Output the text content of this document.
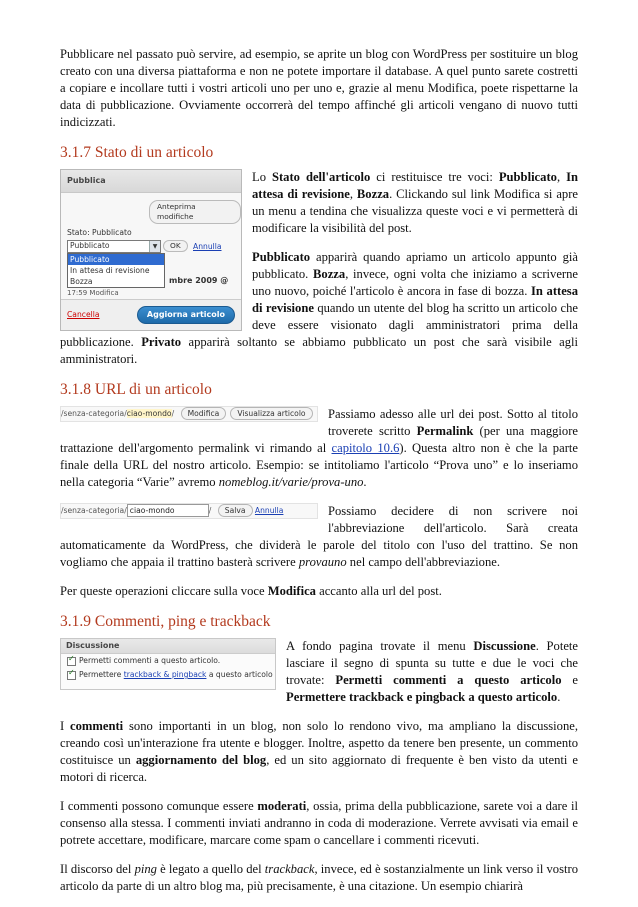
Pubblicare nel passato può servire, ad esempio, se aprite un blog con WordPress per sostituire un blog creato con una diversa piattaforma e non ne potete importare il database. A quel punto sarete costretti a copiare e incollare tutti i vostri articoli uno per uno e, grazie al menu Modifica, poete rispettarne la data di pubblicazione. Ovviamente occorrerà del tempo affinché gli articoli vengano di nuovo tutti indicizzati.

3.1.7 Stato di un articolo
Pubblica
Anteprima modifiche
Stato: Pubblicato
Pubblicato	▼
Pubblicato
In attesa di revisione
Bozza
OK	Annulla
mbre 2009 @
17:59 Modifica
Cancella	Aggiorna articolo

Lo Stato dell'articolo ci restituisce tre voci: Pubblicato, In attesa di revisione, Bozza. Clickando sul link Modifica si apre un menu a tendina che visualizza queste voci e vi permetterà di modificare la visibilità del post.

Pubblicato apparirà quando apriamo un articolo appunto già pubblicato. Bozza, invece, ogni volta che iniziamo a scriverne uno nuovo, poiché l'articolo è ancora in fase di bozza. In attesa di revisione quando un utente del blog ha scritto un articolo che deve essere visionato dagli amministratori prima della pubblicazione. Privato apparirà soltanto se abbiamo pubblicato un post che sarà visibile agli amministratori.

3.1.8 URL di un articolo
/senza-categoria/ciao-mondo/ Modifica Visualizza articolo	Passiamo adesso alle url dei post. Sotto al titolo troverete scritto Permalink (per una maggiore trattazione dell'argomento permalink vi rimando al capitolo 10.6). Questa altro non è che la parte finale della URL del nostro articolo. Esempio: se intitoliamo l'articolo “Prova uno” e lo inseriamo nella categoria “Varie” avremo nomeblog.it/varie/prova-uno.

/senza-categoria/ ciao-mondo	/ Salva Annulla	Possiamo decidere di non scrivere noi l'abbreviazione dell'articolo. Sarà creata automaticamente da WordPress, che dividerà le parole del titolo con l'uso del trattino. Se non vogliamo che appaia il trattino basterà scrivere provauno nel campo dell'abbreviazione.

Per queste operazioni cliccare sulla voce Modifica accanto alla url del post.

3.1.9 Commenti, ping e trackback
Discussione
✓Permetti commenti a questo articolo.
✓Permettere trackback & pingback a questo articolo

A fondo pagina trovate il menu Discussione. Potete lasciare il segno di spunta su tutte e due le voci che trovate: Permetti commenti a questo articolo e Permettere trackback e pingback a questo articolo.

I commenti sono importanti in un blog, non solo lo rendono vivo, ma ampliano la discussione, creando così un'interazione fra utente e blogger. Inoltre, aspetto da tenere ben presente, un commento costituisce un aggiornamento del blog, ed un sito aggiornato di frequente è ben visto da utenti e motori di ricerca.

I commenti possono comunque essere moderati, ossia, prima della pubblicazione, sarete voi a dare il consenso alla stessa. I commenti inviati andranno in coda di moderazione. Verrete avvisati via email e potrete accettare, modificare, marcare come spam o cancellare i commenti ricevuti.

Il discorso del ping è legato a quello del trackback, invece, ed è sostanzialmente un link verso il vostro articolo da parte di un altro blog ma, più precisamente, è una citazione. Un esempio chiarirà
